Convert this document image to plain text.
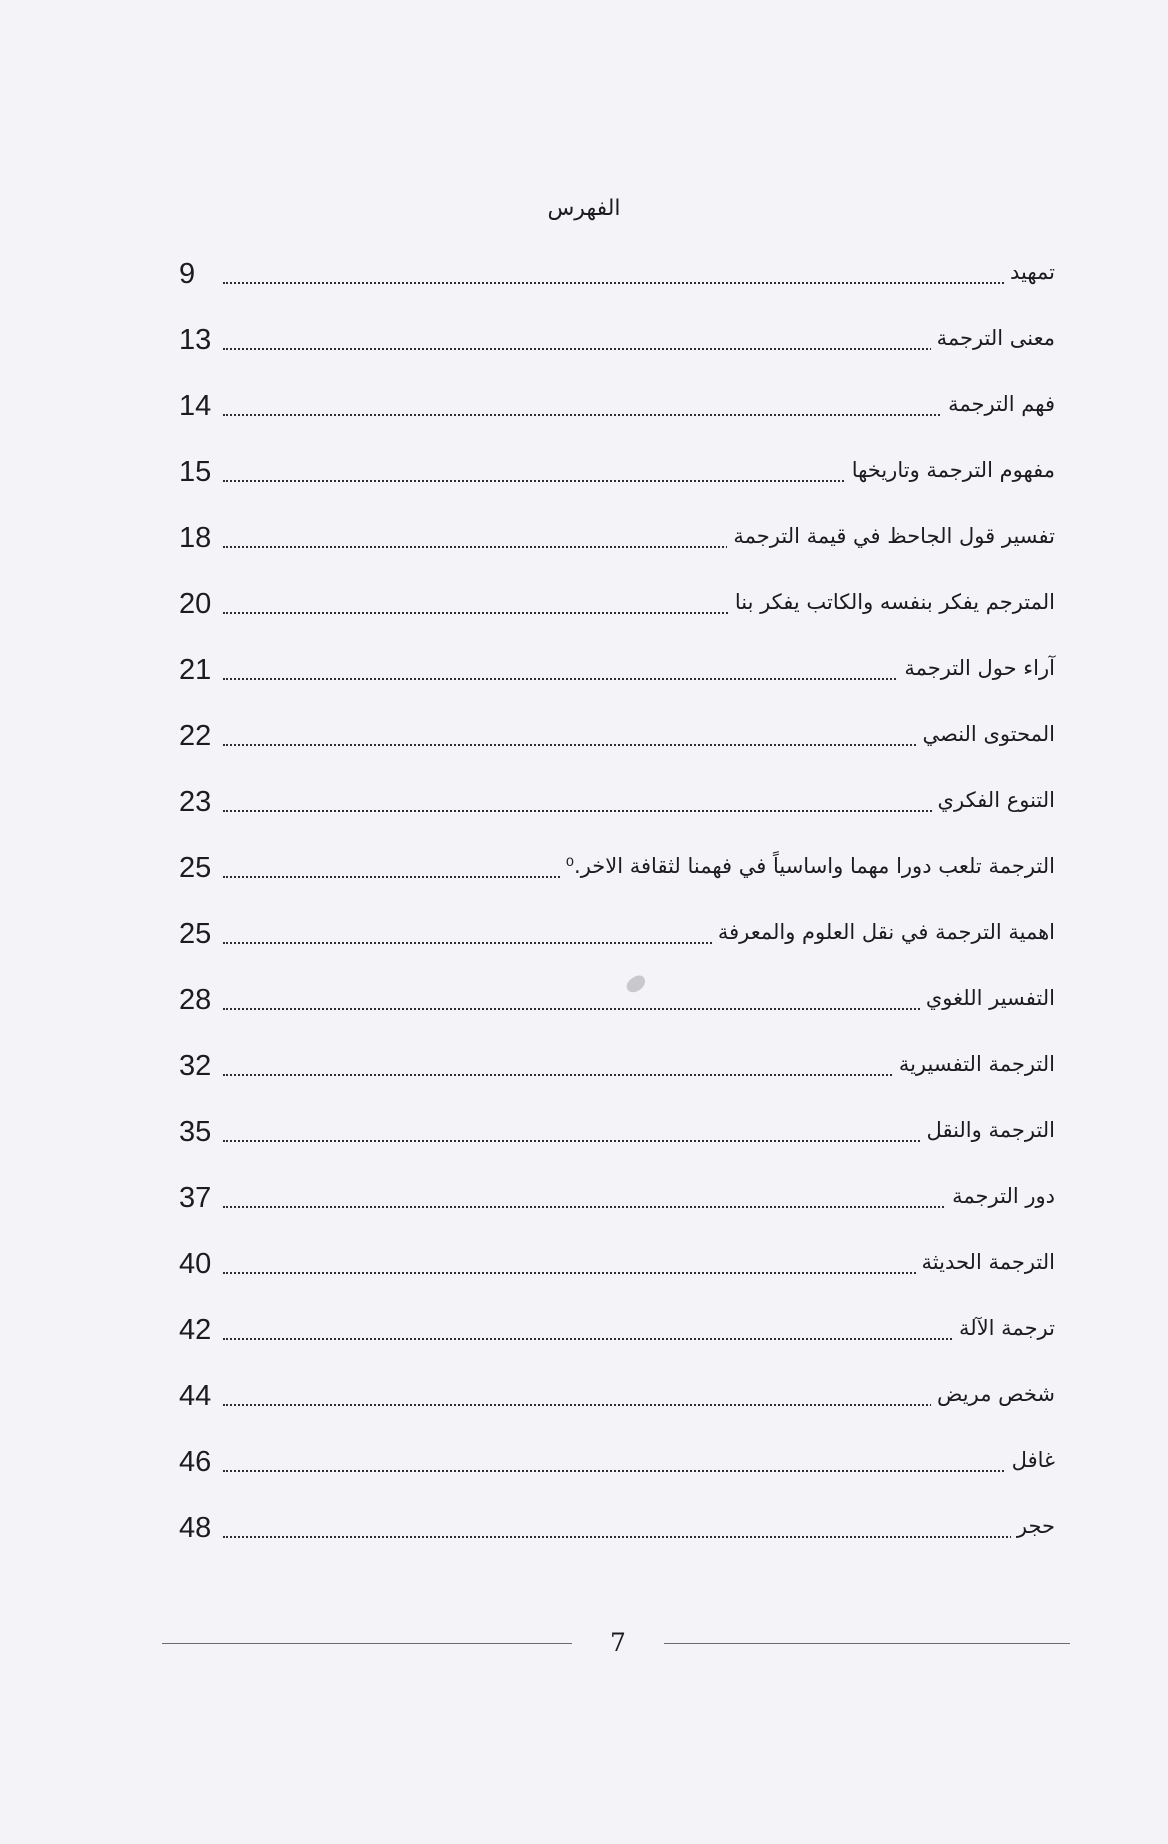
الفهرس
9	تمهيد
13	معنى الترجمة
14	فهم الترجمة
15	مفهوم الترجمة وتاريخها
18	تفسير قول الجاحظ في قيمة الترجمة
20	المترجم يفكر بنفسه والكاتب يفكر بنا
21	آراء حول الترجمة
22	المحتوى النصي
23	التنوع الفكري
25	الترجمة تلعب دورا مهما واساسياً في فهمنا لثقافة الاخر.⁰
25	اهمية الترجمة في نقل العلوم والمعرفة
28	التفسير اللغوي
32	الترجمة التفسيرية
35	الترجمة والنقل
37	دور الترجمة
40	الترجمة الحديثة
42	ترجمة الآلة
44	شخص مريض
46	غافل
48	حجر
7
